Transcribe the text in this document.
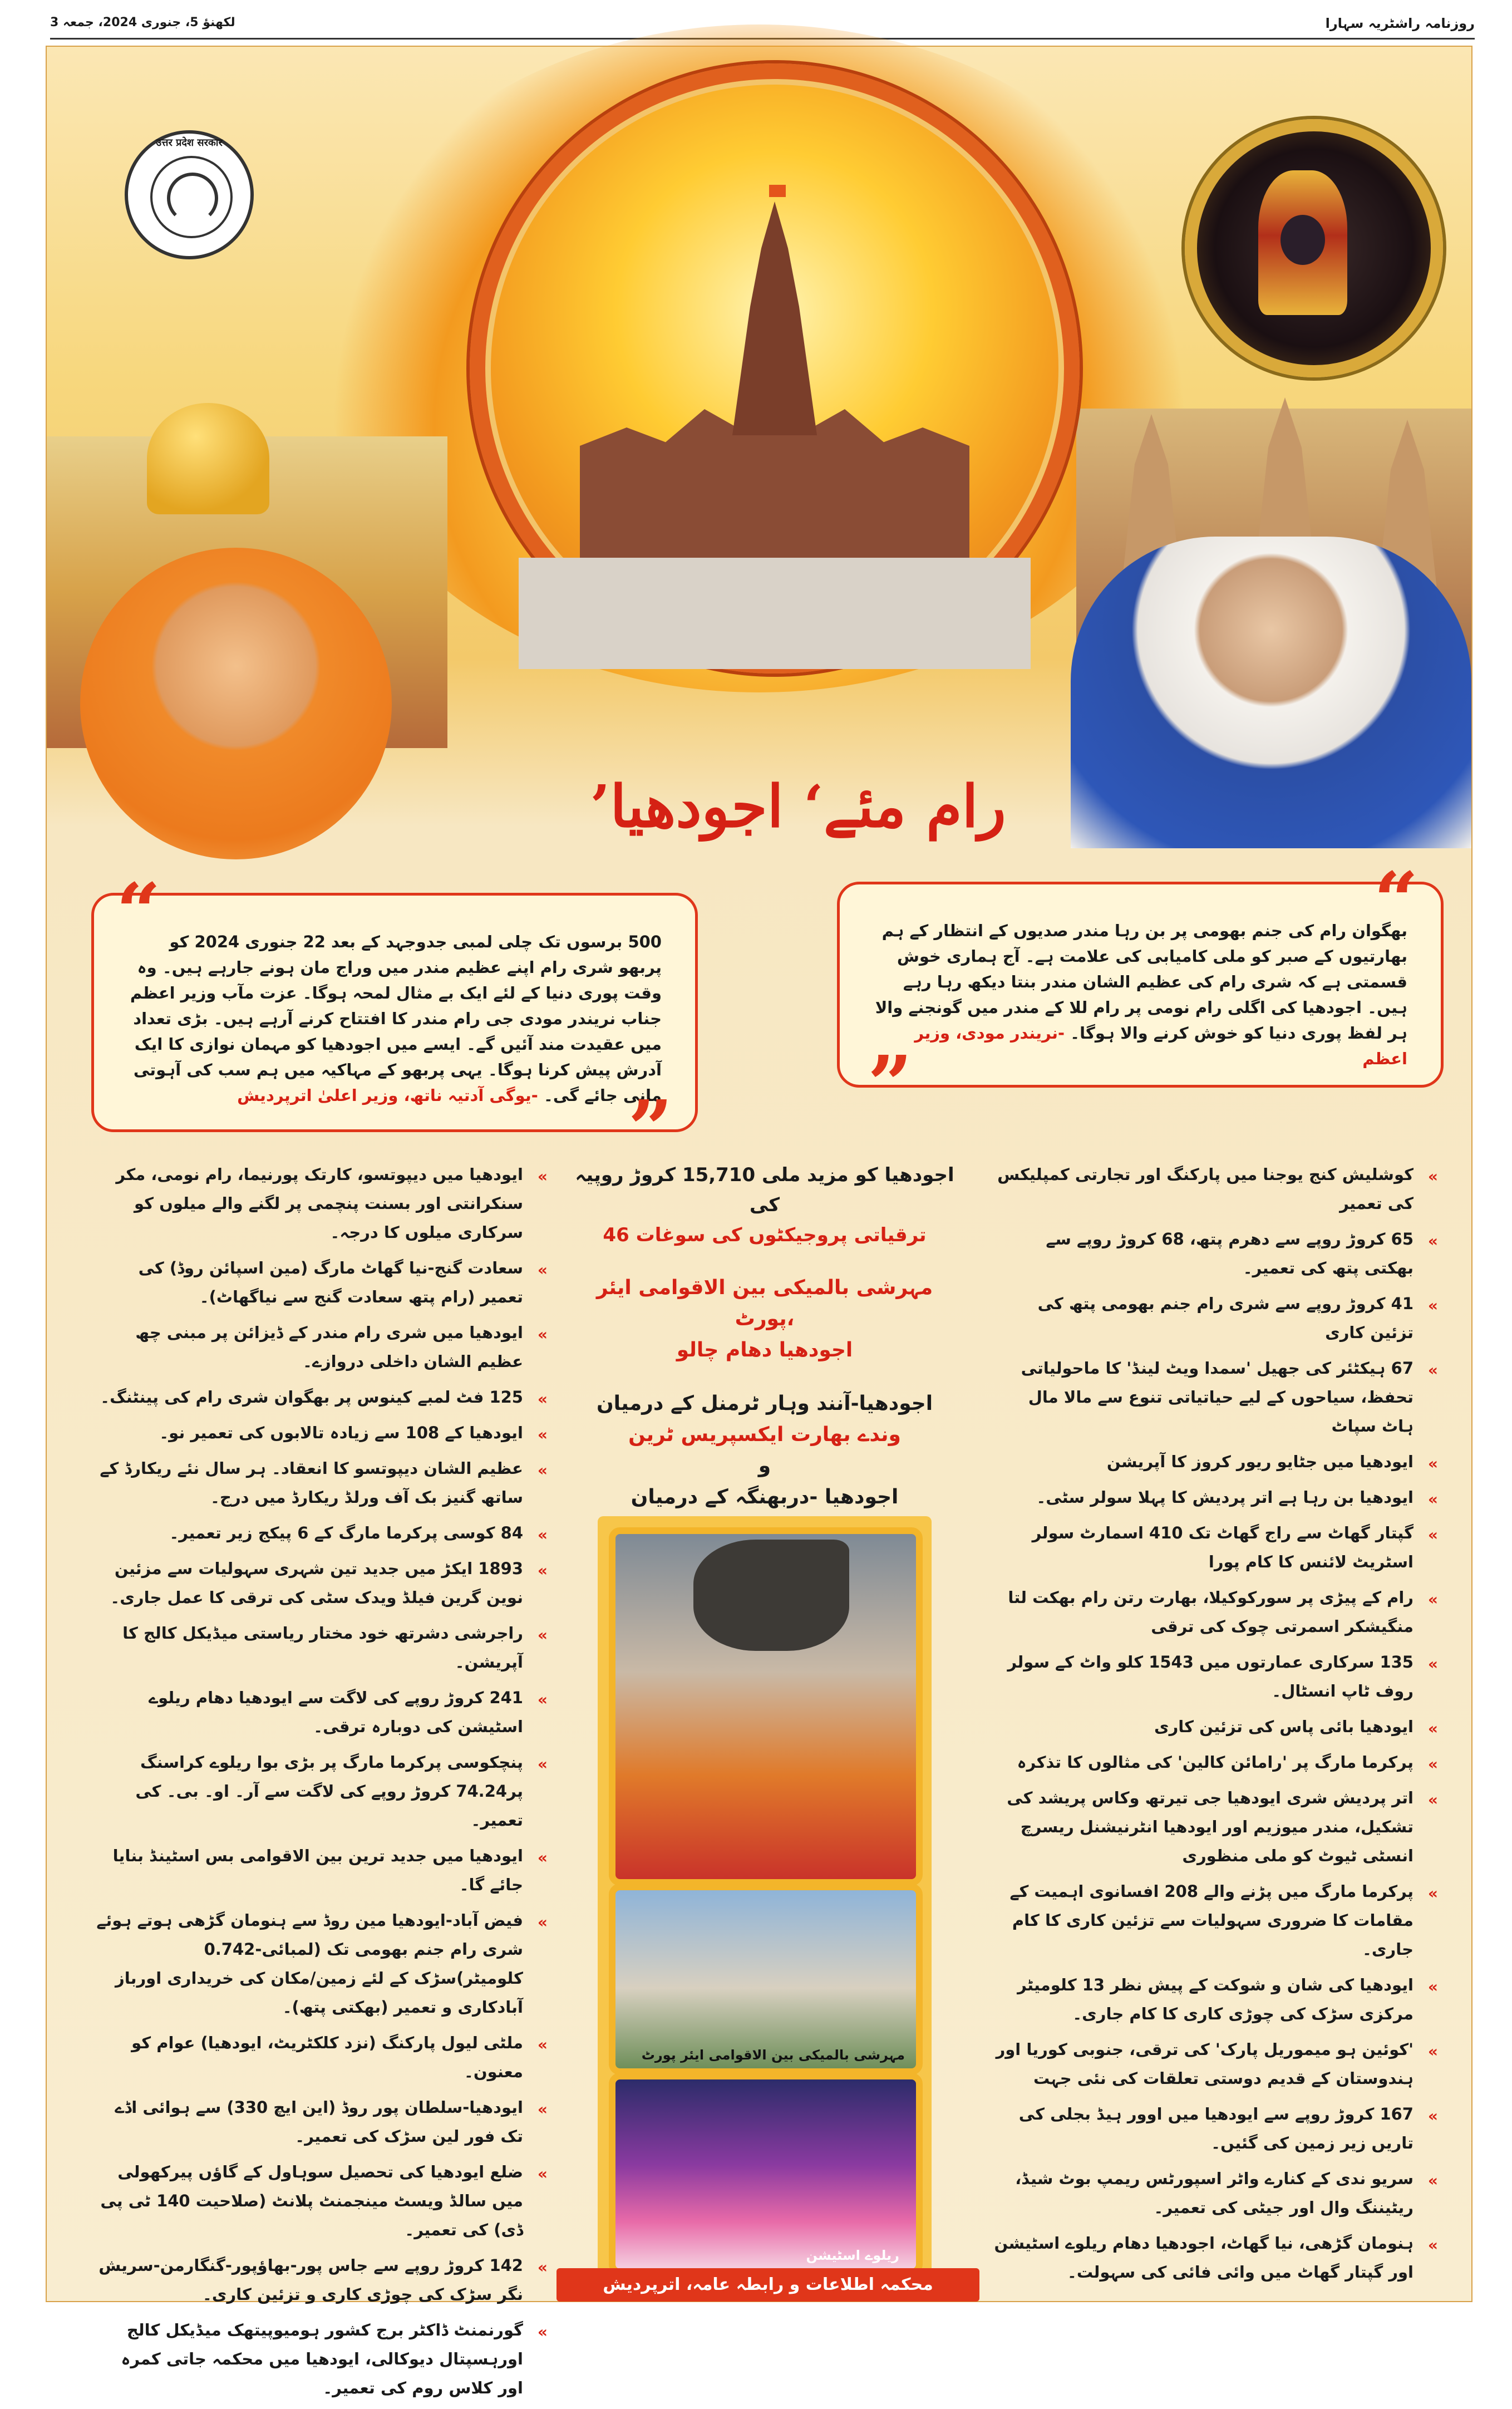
لکھنؤ 5، جنوری 2024، جمعہ 3	روزنامہ راشٹریہ سہارا
उत्तर प्रदेश सरकार
’رام مئے‘ اجودھیا
“
بھگوان رام کی جنم بھومی پر بن رہا مندر صدیوں کے انتظار کے ہم بھارتیوں کے صبر کو ملی کامیابی کی علامت ہے۔ آج ہماری خوش قسمتی ہے کہ شری رام کی عظیم الشان مندر بنتا دیکھ رہا رہے ہیں۔ اجودھیا کی اگلی رام نومی پر رام للا کے مندر میں گونجنے والا ہر لفظ پوری دنیا کو خوش کرنے والا ہوگا۔ -نریندر مودی، وزیر اعظم
”
“ 500 برسوں تک چلی لمبی جدوجہد کے بعد 22 جنوری 2024 کو پربھو شری رام اپنے عظیم مندر میں وراج مان ہونے جارہے ہیں۔ وہ وقت پوری دنیا کے لئے ایک بے مثال لمحہ ہوگا۔ عزت مآب وزیر اعظم جناب نریندر مودی جی رام مندر کا افتتاح کرنے آرہے ہیں۔ بڑی تعداد میں عقیدت مند آئیں گے۔ ایسے میں اجودھیا کو مہمان نوازی کا ایک آدرش پیش کرنا ہوگا۔ یہی پربھو کے مہاکیہ میں ہم سب کی آہوتی مانی جائے گی۔ -یوگی آدتیہ ناتھ، وزیر اعلیٰ اترپردیش	”
اجودھیا کو مزید ملی 15,710 کروڑ روپیہ کی
46 ترقیاتی پروجیکٹوں کی سوغات
مہرشی بالمیکی بین الاقوامی ایئر پورٹ،
اجودھیا دھام چالو
اجودھیا-آنند وہار ٹرمنل کے درمیان
وندے بھارت ایکسپریس ٹرین
و
اجودھیا -دربھنگہ کے درمیان
مہرشی بالمیکی بین الاقوامی ایئر پورٹ
ریلوے اسٹیشن
»
کوشلیش کنج یوجنا میں پارکنگ اور تجارتی کمپلیکس کی تعمیر
»
65 کروڑ روپے سے دھرم پتھ، 68 کروڑ روپے سے بھکتی پتھ کی تعمیر۔
»
41 کروڑ روپے سے شری رام جنم بھومی پتھ کی تزئین کاری
»
67 ہیکٹئر کی جھیل 'سمدا ویٹ لینڈ' کا ماحولیاتی تحفظ، سیاحوں کے لیے حیاتیاتی تنوع سے مالا مال ہاٹ سپاٹ
»
ایودھیا میں جٹایو ریور کروز کا آپریشن
»
ایودھیا بن رہا ہے اتر پردیش کا پہلا سولر سٹی۔
»
گپتار گھاٹ سے راج گھاٹ تک 410 اسمارٹ سولر اسٹریٹ لائنس کا کام پورا
»
رام کے پیڑی پر سورکوکیلا، بھارت رتن رام بھکت لتا منگیشکر اسمرتی چوک کی ترقی
»
135 سرکاری عمارتوں میں 1543 کلو واٹ کے سولر روف ٹاپ انسٹال۔
»
ایودھیا بائی پاس کی تزئین کاری
»
پرکرما مارگ پر 'رامائن کالین' کی مثالوں کا تذکرہ
»
اتر پردیش شری ایودھیا جی تیرتھ وکاس پریشد کی تشکیل، مندر میوزیم اور ایودھیا انٹرنیشنل ریسرچ انسٹی ٹیوٹ کو ملی منظوری
»
پرکرما مارگ میں پڑنے والے 208 افسانوی اہمیت کے مقامات کا ضروری سہولیات سے تزئین کاری کا کام جاری۔
»
ایودھیا کی شان و شوکت کے پیش نظر 13 کلومیٹر مرکزی سڑک کی چوڑی کاری کا کام جاری۔
»
'کوئین ہو میموریل پارک' کی ترقی، جنوبی کوریا اور ہندوستان کے قدیم دوستی تعلقات کی نئی جہت
»
167 کروڑ روپے سے ایودھیا میں اوور ہیڈ بجلی کی تاریں زیر زمین کی گئیں۔
»
سریو ندی کے کنارے واٹر اسپورٹس ریمپ بوٹ شیڈ، ریٹیننگ وال اور جیٹی کی تعمیر۔
»
ہنومان گڑھی، نیا گھاٹ، اجودھیا دھام ریلوے اسٹیشن اور گپتار گھاٹ میں وائی فائی کی سہولت۔
»
ایودھیا میں دیپوتسو، کارتک پورنیما، رام نومی، مکر سنکرانتی اور بسنت پنچمی پر لگنے والے میلوں کو سرکاری میلوں کا درجہ۔
»
سعادت گنج-نیا گھاٹ مارگ (مین اسپائن روڈ) کی تعمیر (رام پتھ سعادت گنج سے نیاگھاٹ)۔
»
ایودھیا میں شری رام مندر کے ڈیزائن پر مبنی چھ عظیم الشان داخلی دروازے۔
»
125 فٹ لمبے کینوس پر بھگوان شری رام کی پینٹنگ۔
»
ایودھیا کے 108 سے زیادہ تالابوں کی تعمیر نو۔
»
عظیم الشان دیپوتسو کا انعقاد۔ ہر سال نئے ریکارڈ کے ساتھ گنیز بک آف ورلڈ ریکارڈ میں درج۔
»
84 کوسی پرکرما مارگ کے 6 پیکج زیر تعمیر۔
»
1893 ایکڑ میں جدید تین شہری سہولیات سے مزئین نوین گرین فیلڈ ویدک سٹی کی ترقی کا عمل جاری۔
»
راجرشی دشرتھ خود مختار ریاستی میڈیکل کالج کا آپریشن۔
»
241 کروڑ روپے کی لاگت سے ایودھیا دھام ریلوے اسٹیشن کی دوبارہ ترقی۔
»
پنچکوسی پرکرما مارگ پر بڑی بوا ریلوے کراسنگ پر74.24 کروڑ روپے کی لاگت سے آر۔ او۔ بی۔ کی تعمیر۔
»
ایودھیا میں جدید ترین بین الاقوامی بس اسٹینڈ بنایا جائے گا۔
»
فیض آباد-ایودھیا مین روڈ سے ہنومان گڑھی ہوتے ہوئے شری رام جنم بھومی تک (لمبائی-0.742 کلومیٹر)سڑک کے لئے زمین/مکان کی خریداری اورباز آبادکاری و تعمیر (بھکتی پتھ)۔
»
ملٹی لیول پارکنگ (نزد کلکٹریٹ، ایودھیا) عوام کو معنون۔
»
ایودھیا-سلطان پور روڈ (این ایچ 330) سے ہوائی اڈے تک فور لین سڑک کی تعمیر۔
»
ضلع ایودھیا کی تحصیل سوہاول کے گاؤں پیرکھولی میں سالڈ ویسٹ مینجمنٹ پلانٹ (صلاحیت 140 ٹی پی ڈی) کی تعمیر۔
»
142 کروڑ روپے سے جاس پور-بھاؤپور-گنگارمن-سریش نگر سڑک کی چوڑی کاری و تزئین کاری۔
»
گورنمنٹ ڈاکٹر برج کشور ہومیوپیتھک میڈیکل کالج اورہسپتال دیوکالی، ایودھیا میں محکمہ جاتی کمرہ اور کلاس روم کی تعمیر۔
محکمہ اطلاعات و رابطہ عامہ، اترپردیش
